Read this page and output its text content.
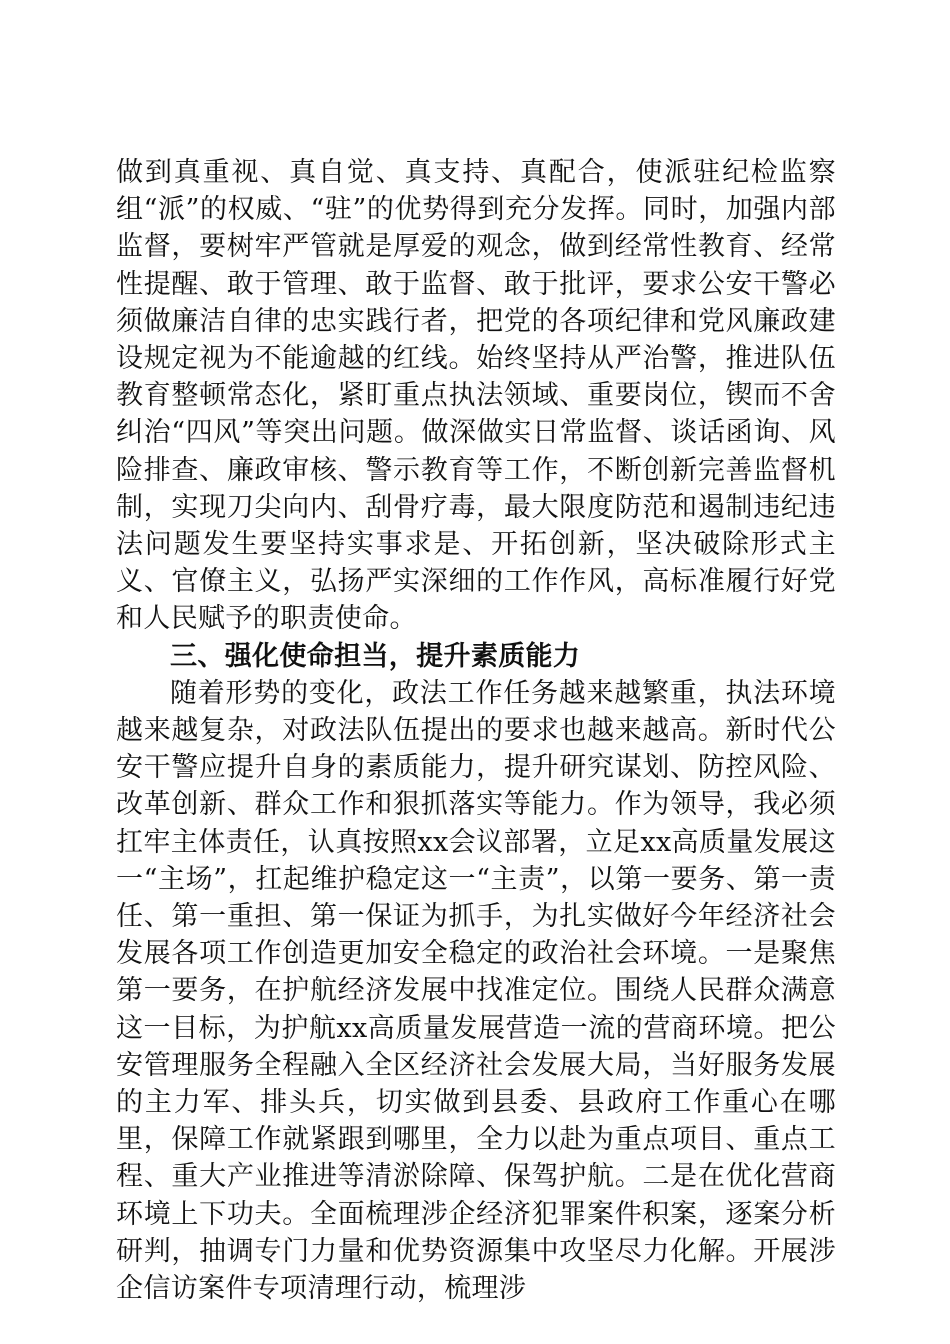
做到真重视、真自觉、真支持、真配合，使派驻纪检监察组“派”的权威、“驻”的优势得到充分发挥。同时，加强内部监督，要树牢严管就是厚爱的观念，做到经常性教育、经常性提醒、敢于管理、敢于监督、敢于批评，要求公安干警必须做廉洁自律的忠实践行者，把党的各项纪律和党风廉政建设规定视为不能逾越的红线。始终坚持从严治警，推进队伍教育整顿常态化，紧盯重点执法领域、重要岗位，锲而不舍纠治“四风”等突出问题。做深做实日常监督、谈话函询、风险排查、廉政审核、警示教育等工作，不断创新完善监督机制，实现刀尖向内、刮骨疗毒，最大限度防范和遏制违纪违法问题发生要坚持实事求是、开拓创新，坚决破除形式主义、官僚主义，弘扬严实深细的工作作风，高标准履行好党和人民赋予的职责使命。

三、强化使命担当，提升素质能力

随着形势的变化，政法工作任务越来越繁重，执法环境越来越复杂，对政法队伍提出的要求也越来越高。新时代公安干警应提升自身的素质能力，提升研究谋划、防控风险、改革创新、群众工作和狠抓落实等能力。作为领导，我必须扛牢主体责任，认真按照xx会议部署，立足xx高质量发展这一“主场”，扛起维护稳定这一“主责”，以第一要务、第一责任、第一重担、第一保证为抓手，为扎实做好今年经济社会发展各项工作创造更加安全稳定的政治社会环境。一是聚焦第一要务，在护航经济发展中找准定位。围绕人民群众满意这一目标，为护航xx高质量发展营造一流的营商环境。把公安管理服务全程融入全区经济社会发展大局，当好服务发展的主力军、排头兵，切实做到县委、县政府工作重心在哪里，保障工作就紧跟到哪里，全力以赴为重点项目、重点工程、重大产业推进等清淤除障、保驾护航。二是在优化营商环境上下功夫。全面梳理涉企经济犯罪案件积案，逐案分析研判，抽调专门力量和优势资源集中攻坚尽力化解。开展涉企信访案件专项清理行动，梳理涉
